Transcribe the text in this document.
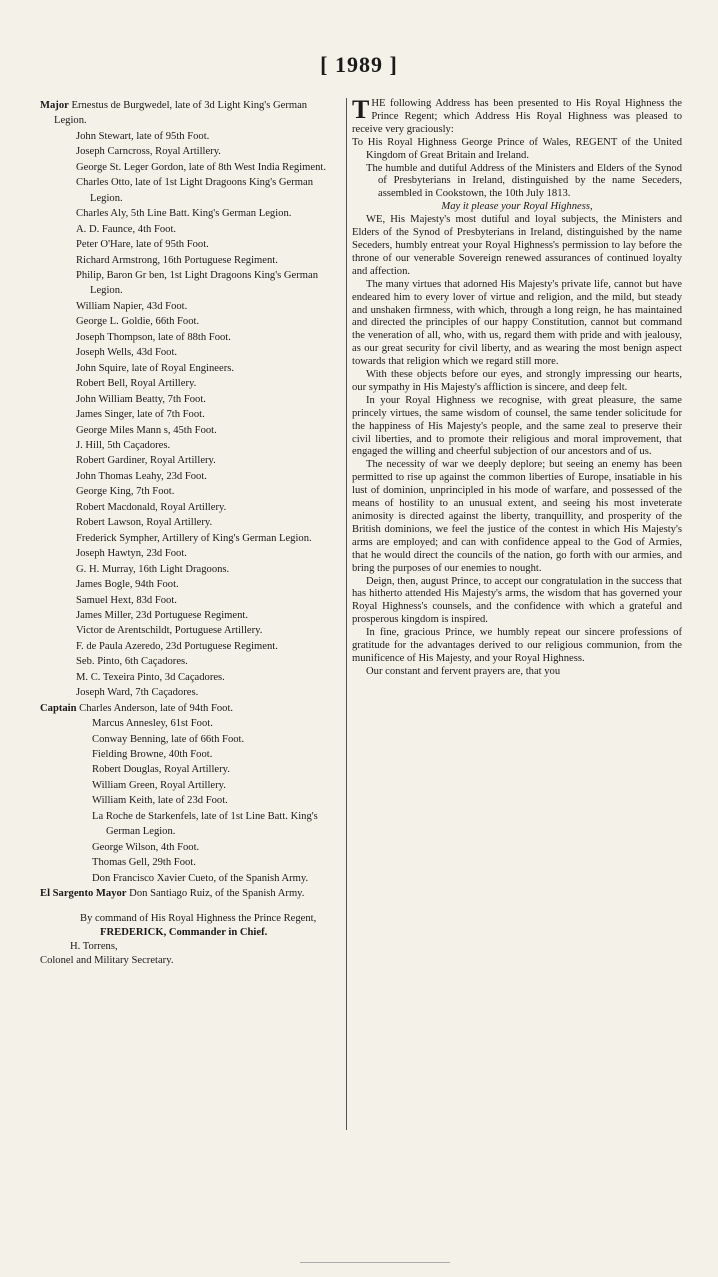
[ 1989 ]
Major Ernestus de Burgwedel, late of 3d Light King's German Legion.
John Stewart, late of 95th Foot.
Joseph Carncross, Royal Artillery.
George St. Leger Gordon, late of 8th West India Regiment.
Charles Otto, late of 1st Light Dragoons King's German Legion.
Charles Aly, 5th Line Batt. King's German Legion.
A. D. Faunce, 4th Foot.
Peter O'Hare, late of 95th Foot.
Richard Armstrong, 16th Portuguese Regiment.
Philip, Baron Gr ben, 1st Light Dragoons King's German Legion.
William Napier, 43d Foot.
George L. Goldie, 66th Foot.
Joseph Thompson, late of 88th Foot.
Joseph Wells, 43d Foot.
John Squire, late of Royal Engineers.
Robert Bell, Royal Artillery.
John William Beatty, 7th Foot.
James Singer, late of 7th Foot.
George Miles Mann s, 45th Foot.
J. Hill, 5th Caçadores.
Robert Gardiner, Royal Artillery.
John Thomas Leahy, 23d Foot.
George King, 7th Foot.
Robert Macdonald, Royal Artillery.
Robert Lawson, Royal Artillery.
Frederick Sympher, Artillery of King's German Legion.
Joseph Hawtyn, 23d Foot.
G. H. Murray, 16th Light Dragoons.
James Bogle, 94th Foot.
Samuel Hext, 83d Foot.
James Miller, 23d Portuguese Regiment.
Victor de Arentschildt, Portuguese Artillery.
F. de Paula Azeredo, 23d Portuguese Regiment.
Seb. Pinto, 6th Caçadores.
M. C. Texeira Pinto, 3d Caçadores.
Joseph Ward, 7th Caçadores.
Captain Charles Anderson, late of 94th Foot.
Marcus Annesley, 61st Foot.
Conway Benning, late of 66th Foot.
Fielding Browne, 40th Foot.
Robert Douglas, Royal Artillery.
William Green, Royal Artillery.
William Keith, late of 23d Foot.
La Roche de Starkenfels, late of 1st Line Batt. King's German Legion.
George Wilson, 4th Foot.
Thomas Gell, 29th Foot.
Don Francisco Xavier Cueto, of the Spanish Army.
El Sargento Mayor Don Santiago Ruiz, of the Spanish Army.
By command of His Royal Highness the Prince Regent,
FREDERICK, Commander in Chief.
H. Torrens,
Colonel and Military Secretary.

THE following Address has been presented to His Royal Highness the Prince Regent; which Address His Royal Highness was pleased to receive very graciously:

To His Royal Highness George Prince of Wales, REGENT of the United Kingdom of Great Britain and Ireland.

The humble and dutiful Address of the Ministers and Elders of the Synod of Presbyterians in Ireland, distinguished by the name Seceders, assembled in Cookstown, the 10th July 1813.

May it please your Royal Highness,

WE, His Majesty's most dutiful and loyal subjects, the Ministers and Elders of the Synod of Presbyterians in Ireland, distinguished by the name Seceders, humbly entreat your Royal Highness's permission to lay before the throne of our venerable Sovereign renewed assurances of continued loyalty and affection.

The many virtues that adorned His Majesty's private life, cannot but have endeared him to every lover of virtue and religion, and the mild, but steady and unshaken firmness, with which, through a long reign, he has maintained and directed the principles of our happy Constitution, cannot but command the veneration of all, who, with us, regard them with pride and with jealousy, as our great security for civil liberty, and as wearing the most benign aspect towards that religion which we regard still more.

With these objects before our eyes, and strongly impressing our hearts, our sympathy in His Majesty's affliction is sincere, and deep felt.

In your Royal Highness we recognise, with great pleasure, the same princely virtues, the same wisdom of counsel, the same tender solicitude for the happiness of His Majesty's people, and the same zeal to preserve their civil liberties, and to promote their religious and moral improvement, that engaged the willing and cheerful subjection of our ancestors and of us.

The necessity of war we deeply deplore; but seeing an enemy has been permitted to rise up against the common liberties of Europe, insatiable in his lust of dominion, unprincipled in his mode of warfare, and possessed of the means of hostility to an unusual extent, and seeing his most inveterate animosity is directed against the liberty, tranquillity, and prosperity of the British dominions, we feel the justice of the contest in which His Majesty's arms are employed; and can with confidence appeal to the God of Armies, that he would direct the councils of the nation, go forth with our armies, and bring the purposes of our enemies to nought.

Deign, then, august Prince, to accept our congratulation in the success that has hitherto attended His Majesty's arms, the wisdom that has governed your Royal Highness's counsels, and the confidence with which a grateful and prosperous kingdom is inspired.

In fine, gracious Prince, we humbly repeat our sincere professions of gratitude for the advantages derived to our religious communion, from the munificence of His Majesty, and your Royal Highness.

Our constant and fervent prayers are, that you
